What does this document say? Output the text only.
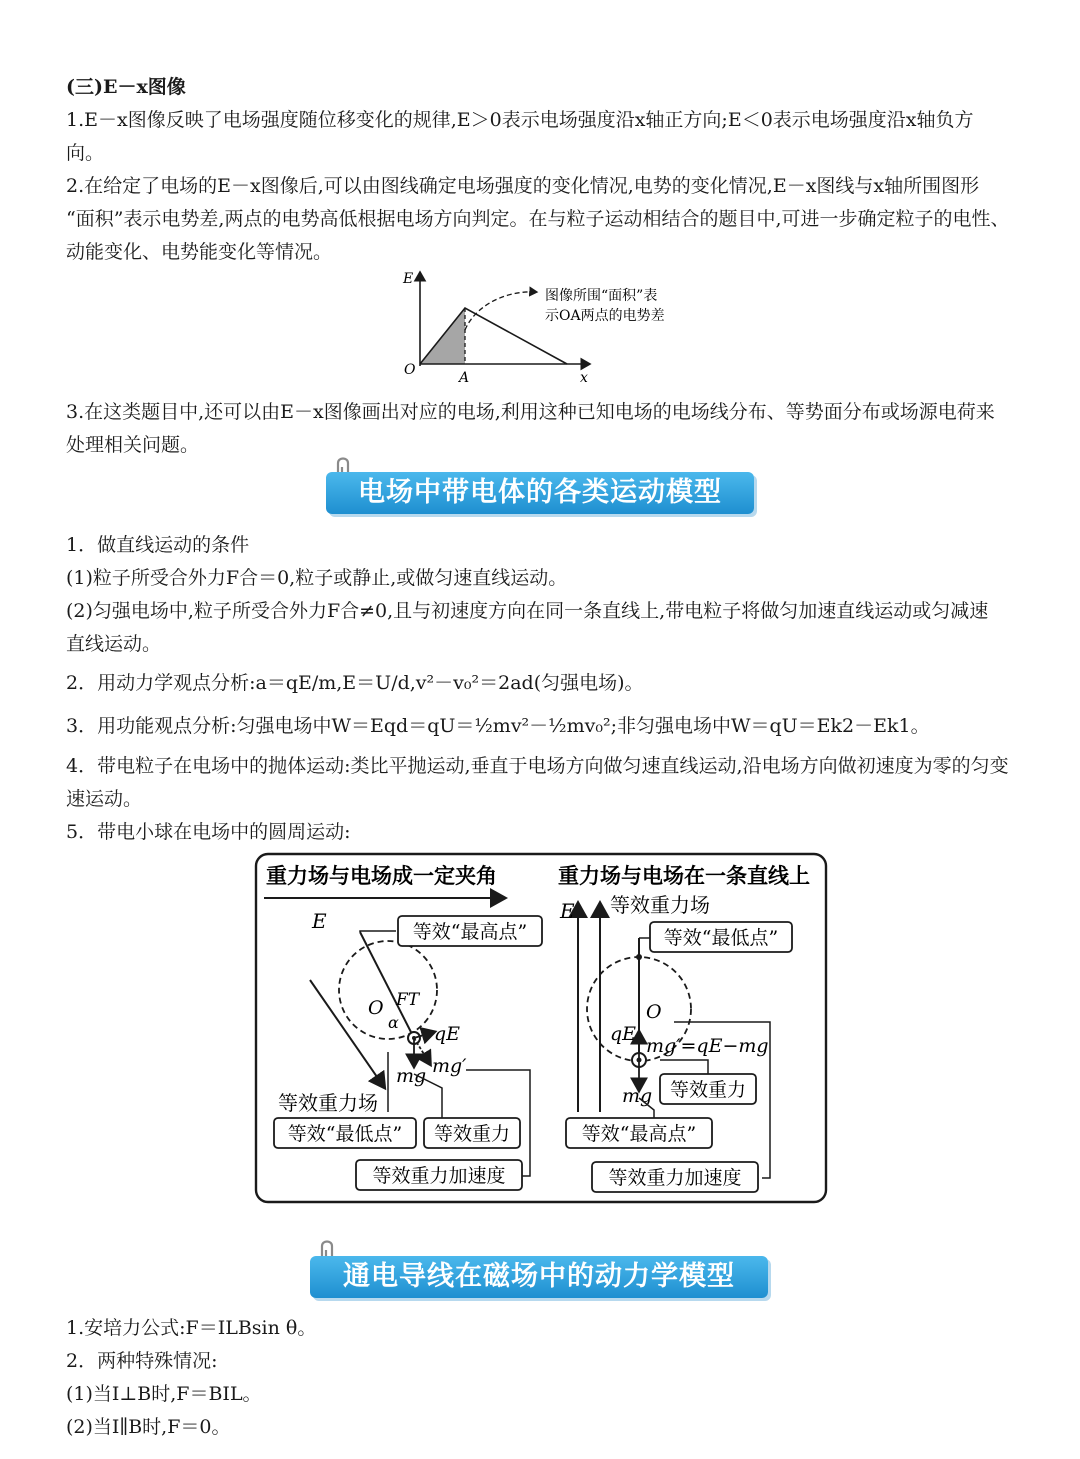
(三)E－x图像
1.E－x图像反映了电场强度随位移变化的规律,E＞0表示电场强度沿x轴正方向;E＜0表示电场强度沿x轴负方
向。
2.在给定了电场的E－x图像后,可以由图线确定电场强度的变化情况,电势的变化情况,E－x图线与x轴所围图形
“面积”表示电势差,两点的电势高低根据电场方向判定。在与粒子运动相结合的题目中,可进一步确定粒子的电性、
动能变化、电势能变化等情况。
E
O	A	x
图像所围“面积”表
示OA两点的电势差
3.在这类题目中,还可以由E－x图像画出对应的电场,利用这种已知电场的电场线分布、等势面分布或场源电荷来
处理相关问题。
电场中带电体的各类运动模型
1．做直线运动的条件
(1)粒子所受合外力F合＝0,粒子或静止,或做匀速直线运动。
(2)匀强电场中,粒子所受合外力F合≠0,且与初速度方向在同一条直线上,带电粒子将做匀加速直线运动或匀减速
直线运动。
2．用动力学观点分析:a＝qE/m,E＝U/d,v²－v₀²＝2ad(匀强电场)。
3．用功能观点分析:匀强电场中W＝Eqd＝qU＝½mv²－½mv₀²;非匀强电场中W＝qU＝Ek2－Ek1。
4．带电粒子在电场中的抛体运动:类比平抛运动,垂直于电场方向做匀速直线运动,沿电场方向做初速度为零的匀变
速运动。
5．带电小球在电场中的圆周运动:
重力场与电场成一定夹角
E
O FT
α
qE
mg mg′
等效“最高点”
等效重力场
等效“最低点” 等效重力
等效重力加速度
重力场与电场在一条直线上
E 等效重力场
O
qE
mg
mg′=qE−mg
等效“最低点”
等效重力
等效“最高点”
等效重力加速度
通电导线在磁场中的动力学模型
1.安培力公式:F＝ILBsin θ。
2．两种特殊情况:
(1)当I⊥B时,F＝BIL。
(2)当I∥B时,F＝0。
